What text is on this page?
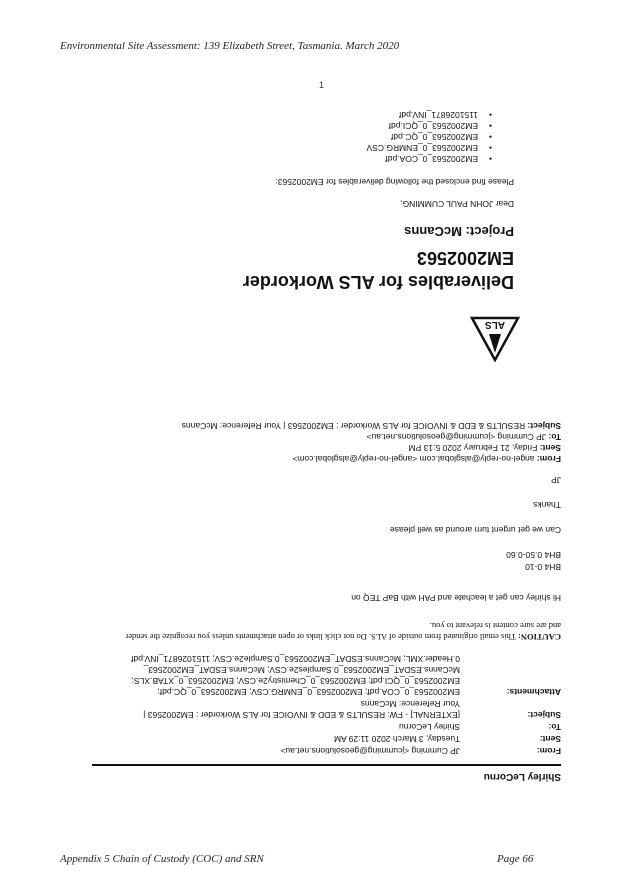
Environmental Site Assessment: 139 Elizabeth Street, Tasmania. March 2020
1
Shirley LeCornu
From:
JP Cumming <jcumming@geosolutions.net.au>
Sent:
Tuesday, 3 March 2020 11:29 AM
To:
Shirley LeCornu
Subject:
[EXTERNAL] - FW: RESULTS & EDD & INVOICE for ALS Workorder : EM2002563 |
Your Reference: McCanns
Attachments:
EM2002563_0_COA.pdf; EM2002563_0_ENMRG.CSV; EM2002563_0_QC.pdf;
EM2002563_0_QCI.pdf; EM2002563_0_Chemistry2e.CSV; EM2002563_0_XTAB.XLS;
McCanns.ESDAT_EM2002563_0.Samples2e.CSV; McCanns.ESDAT_EM2002563_
0.Header.XML; McCanns.ESDAT_EM2002563_0.Sample2e.CSV; 1151026871_INV.pdf
CAUTION: This email originated from outside of ALS. Do not click links or open attachments unless you recognize the sender
and are sure content is relevant to you.
Hi shirley can get a leachate and PAH with BaP TEQ on
BH4 0-10
BH4 0.50-0.60
Can we get urgent turn around as well please
Thanks
JP
From: angel-no-reply@alsglobal.com <angel-no-reply@alsglobal.com>
Sent: Friday, 21 February 2020 5:13 PM
To: JP Cumming <jcumming@geosolutions.net.au>
Subject: RESULTS & EDD & INVOICE for ALS Workorder : EM2002563 | Your Reference: McCanns
ALS
Deliverables for ALS Workorder
EM2002563
Project: McCanns
Dear JOHN PAUL CUMMING,
Please find enclosed the following deliverables for EM2002563:
• EM2002563_0_COA.pdf
• EM2002563_0_ENMRG.CSV
• EM2002563_0_QC.pdf
• EM2002563_0_QCI.pdf
• 1151026871_INV.pdf
Appendix 5 Chain of Custody (COC) and SRN	Page 66
